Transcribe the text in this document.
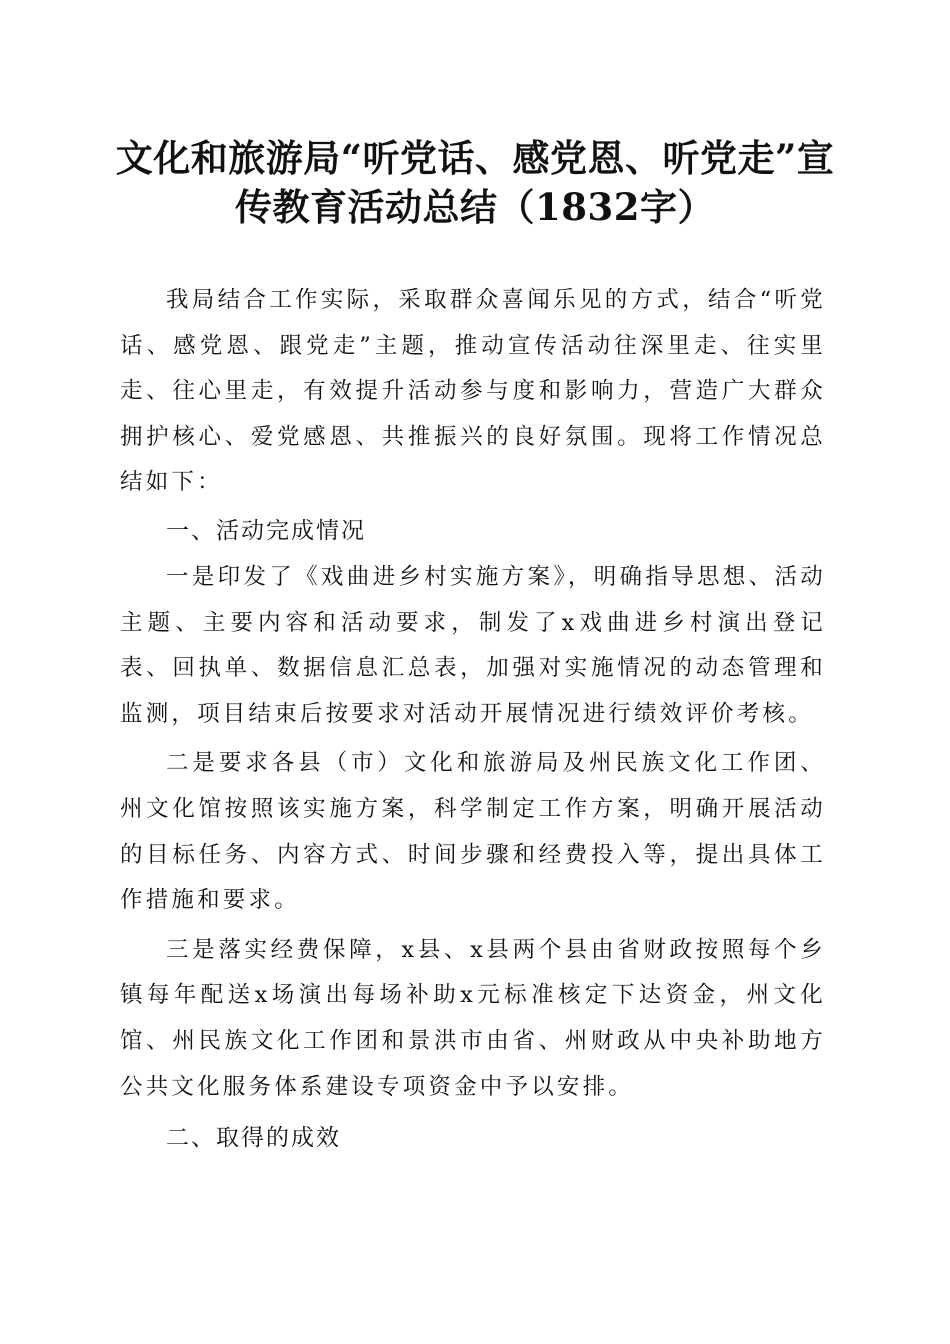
文化和旅游局“听党话、感党恩、听党走”宣
传教育活动总结（1832字）

我局结合工作实际，采取群众喜闻乐见的方式，结合“听党话、感党恩、跟党走”主题，推动宣传活动往深里走、往实里走、往心里走，有效提升活动参与度和影响力，营造广大群众拥护核心、爱党感恩、共推振兴的良好氛围。现将工作情况总结如下：

一、活动完成情况

一是印发了《戏曲进乡村实施方案》，明确指导思想、活动主题、主要内容和活动要求，制发了x戏曲进乡村演出登记表、回执单、数据信息汇总表，加强对实施情况的动态管理和监测，项目结束后按要求对活动开展情况进行绩效评价考核。

二是要求各县（市）文化和旅游局及州民族文化工作团、州文化馆按照该实施方案，科学制定工作方案，明确开展活动的目标任务、内容方式、时间步骤和经费投入等，提出具体工作措施和要求。

三是落实经费保障，x县、x县两个县由省财政按照每个乡镇每年配送x场演出每场补助x元标准核定下达资金，州文化馆、州民族文化工作团和景洪市由省、州财政从中央补助地方公共文化服务体系建设专项资金中予以安排。

二、取得的成效
